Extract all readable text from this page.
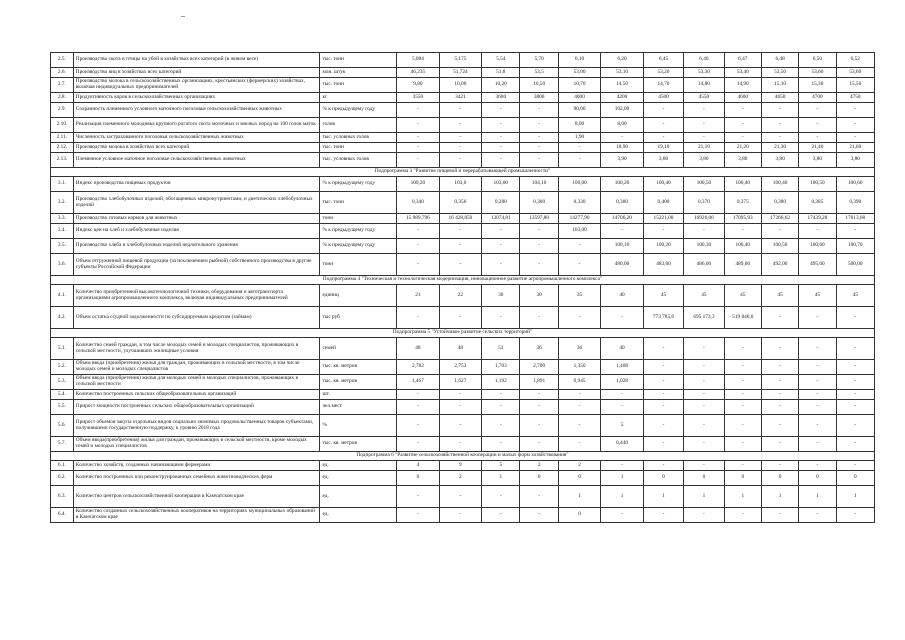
2.5.	Производство скота и птицы на убой в хозяйствах всех категорий (в живом весе)	тыс. тонн	5,084	5,175	5,54	5,70	6,10	6,20	6,45	6,46	6,47	6,48	6,50	6,52
2.6.	Производство яиц в хозяйствах всех категорий	млн. штук	46,235	51,724	51,8	53,5	53,00	53,10	53,20	53,30	53,40	53,50	53,60	53,60
2.7.	Производство молока в сельскохозяйственных организациях, крестьянских (фермерских) хозяйствах, включая индивидуальных предпринимателей	тыс. тонн	9,80	10,00	10,20	10,50	10,70	14,50	14,70	14,80	14,90	15,10	15,30	15,50
2.8.	Продуктивность коров в сельскохозяйственных организациях	кг	3550	3421	3600	3800	4000	4200	4500	4550	4600	4650	4700	4750
2.9.	Сохранность племенного условного маточного поголовья сельскохозяйственных животных	% к предыдущему году	-	-	-	-	90,00	102,00	-	-	-	-	-	-
2.10.	Реализация племенного молодняка крупного рогатого скота молочных и мясных пород на 100 голов маток	голов	-	-	-	-	8,00	8,00	-	-	-	-	-	-
2.11.	Численность застрахованного поголовья сельскохозяйственных животных	тыс. условных голов	-	-	-	-	1,90	-	-	-	-	-	-	-
2.12.	Производство молока в хозяйствах всех категорий	тыс. тонн	-	-	-	-	-	18,90	19,10	21,10	21,20	21,30	21,40	21,60
2.13.	Племенное условное маточное поголовье сельскохозяйственных животных	тыс. условных голов	-	-	-	-	-	3,90	3,80	3,80	3,80	3,80	3,80	3,80
Подпрограмма 3 "Развитие пищевой и перерабатывающей промышленности"														
3.1.	Индекс производства пищевых продуктов	% к предыдущему году	109,20	103,0	103,00	104,10	100,00	100,20	100,40	100,50	100,40	100,40	100,50	100,60
3.2.	Производство хлебобулочных изделий, обогащенных микронутриентами, и диетических хлебобулочных изделий	тыс. тонн	0,340	0,356	0,280	0,300	0,330	0,380	0,400	0,370	0,375	0,380	0,385	0,390
3.3.	Производство готовых кормов для животных	тонн	15 989,796	16 428,850	13074,81	13597,80	14277,90	14706,20	15221,00	16926,06	17095,93	17266,62	17439,28	17613,68
3.4.	Индекс цен на хлеб и хлебобулочные изделия	% к предыдущему году	-	-	-	-	103,00	-	-	-	-	-	-	-
3.5.	Производство хлеба и хлебобулочных изделий недлительного хранения	% к предыдущему году	-	-	-	-	-	100,10	100,20	100,30	100,40	100,50	100,60	100,70
3.6.	Объем отгруженной пищевой продукции (за исключением рыбной) собственного производства в другие субъекты Российской Федерации	тонн	-	-	-	-	-	480,00	483,00	486,00	489,00	492,00	495,00	500,00
Подпрограмма 4 "Техническая и технологическая модернизация, инновационное развитие агропромышленного комплекса"														
4.1.	Количество приобретенной высокотехнологичной техники, оборудования и автотранспорта организациями агропромышленного комплекса, включая индивидуальных предпринимателей	единиц	21	22	30	30	35	40	45	45	45	45	45	45
4.2.	Объем остатка ссудной задолженности по субсидируемым кредитам (займам)	тыс руб	-	-	-	-	-	-	773 785,6	695 173,3	519 840,0	-	-	-
Подпрограмма 5 "Устойчивое развитие сельских территорий"														
5.1.	Количество семей граждан, в том числе молодых семей и молодых специалистов, проживающих в сельской местности, улучшивших жилищные условия	семей	48	48	53	36	36	40	-	-	-	-	-	-
5.2.	Объем ввода (приобретения) жилья для граждан, проживающих в сельской местности, в том числе молодых семей и молодых специалистов	тыс. кв. метров	2,782	2,753	1,703	2,700	1,350	1,408	-	-	-	-	-	-
5.3.	Объем ввода (приобретения) жилья для молодых семей и молодых специалистов, проживающих в сельской местности	тыс. кв. метров	1,467	1,627	1,192	1,891	0,945	1,028	-	-	-	-	-	-
5.4.	Количество построенных сельских общеобразовательных организаций	шт.	-	-	-	-	-	-	-	-	-	-	-	-
5.5.	Прирост мощности построенных сельских общеобразовательных организаций	чел.мест	-	-	-	-	-	-	-	-	-	-	-	-
5.6.	Прирост объемов закупа отдельных видов социально значимых продовольственных товаров субъектами, получившими государственную поддержку, к уровню 2018 года	%	-	-	-	-	-	5	-	-	-	-	-	-
5.7.	Объем ввода(приобретения) жилья для граждан, проживающих в сельской местности, кроме молодых семей и молодых специалистов	тыс. кв. метров	-	-	-	-	-	0,440	-	-	-	-	-	-
Подпрограмма 6 "Развитие сельскохозяйственной кооперации и малых форм хозяйствования"														
6.1.	Количество хозяйств, созданных начинающими фермерами	ед.	4	9	5	2	2	-	-	-	-	-	-	-
6.2.	Количество построенных или реконструированных семейных животноводческих ферм	ед.	0	2	1	0	0	1	0	0	0	0	0	0
6.3.	Количество центров сельскохозяйственной кооперации в Камчатском крае	ед.	-	-	-	-	1	1	1	1	1	1	1	1
6.4.	Количество созданных сельскохозяйственных кооперативов на территориях муниципальных образований в Камчатском крае	ед.	-	-	-	-	0	-	-	-	-	-	-	-
